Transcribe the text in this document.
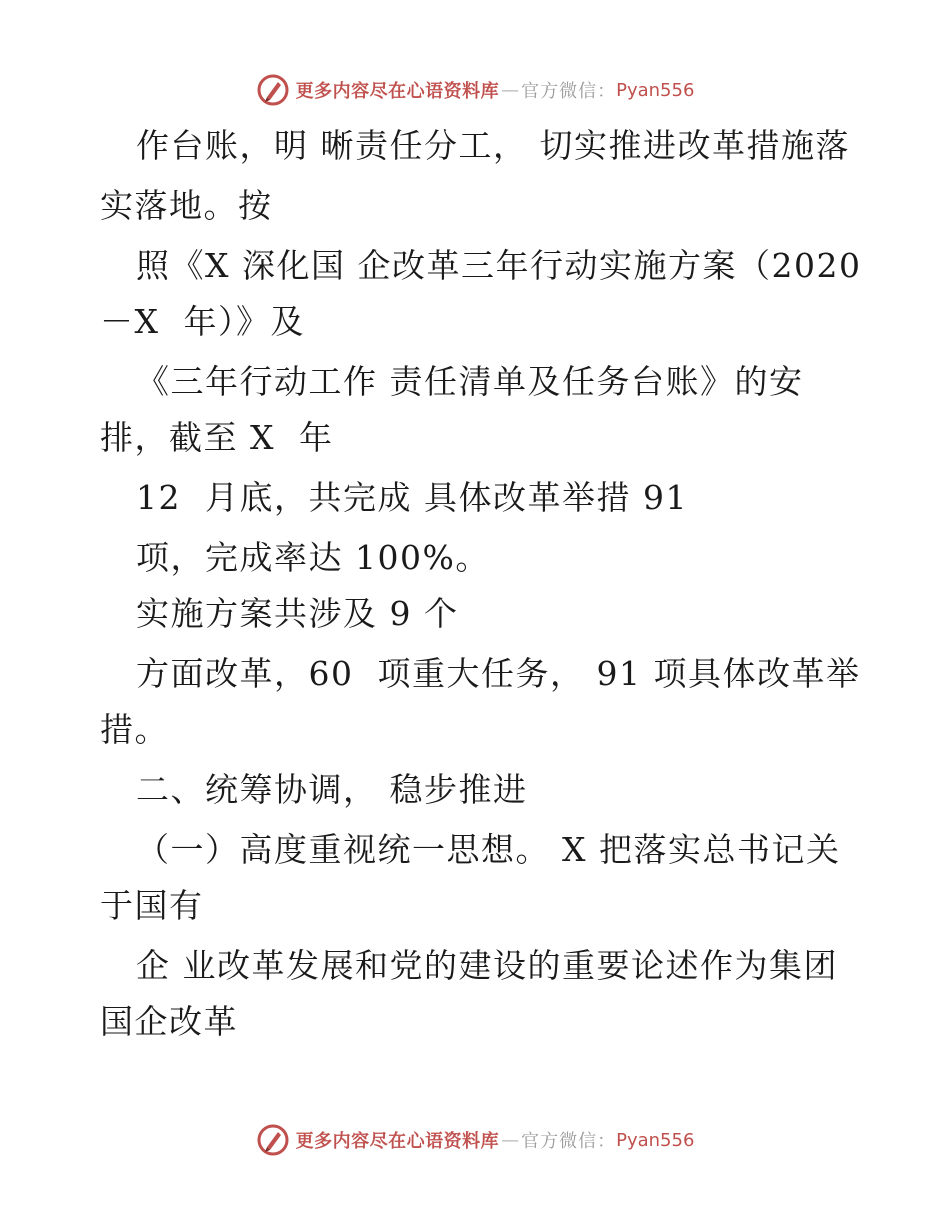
更多内容尽在心语资料库 — 官方微信： Pyan556
作台账，明 晰责任分工， 切实推进改革措施落
实落地。按
照《X 深化国 企改革三年行动实施方案（2020
－X  年）》及
《三年行动工作 责任清单及任务台账》的安
排，截至 X  年
12  月底，共完成 具体改革举措 91
项，完成率达 100%。
实施方案共涉及 9 个
方面改革，60  项重大任务， 91 项具体改革举
措。
二、统筹协调， 稳步推进
（一）高度重视统一思想。 X 把落实总书记关
于国有
企 业改革发展和党的建设的重要论述作为集团
国企改革
更多内容尽在心语资料库 — 官方微信： Pyan556
